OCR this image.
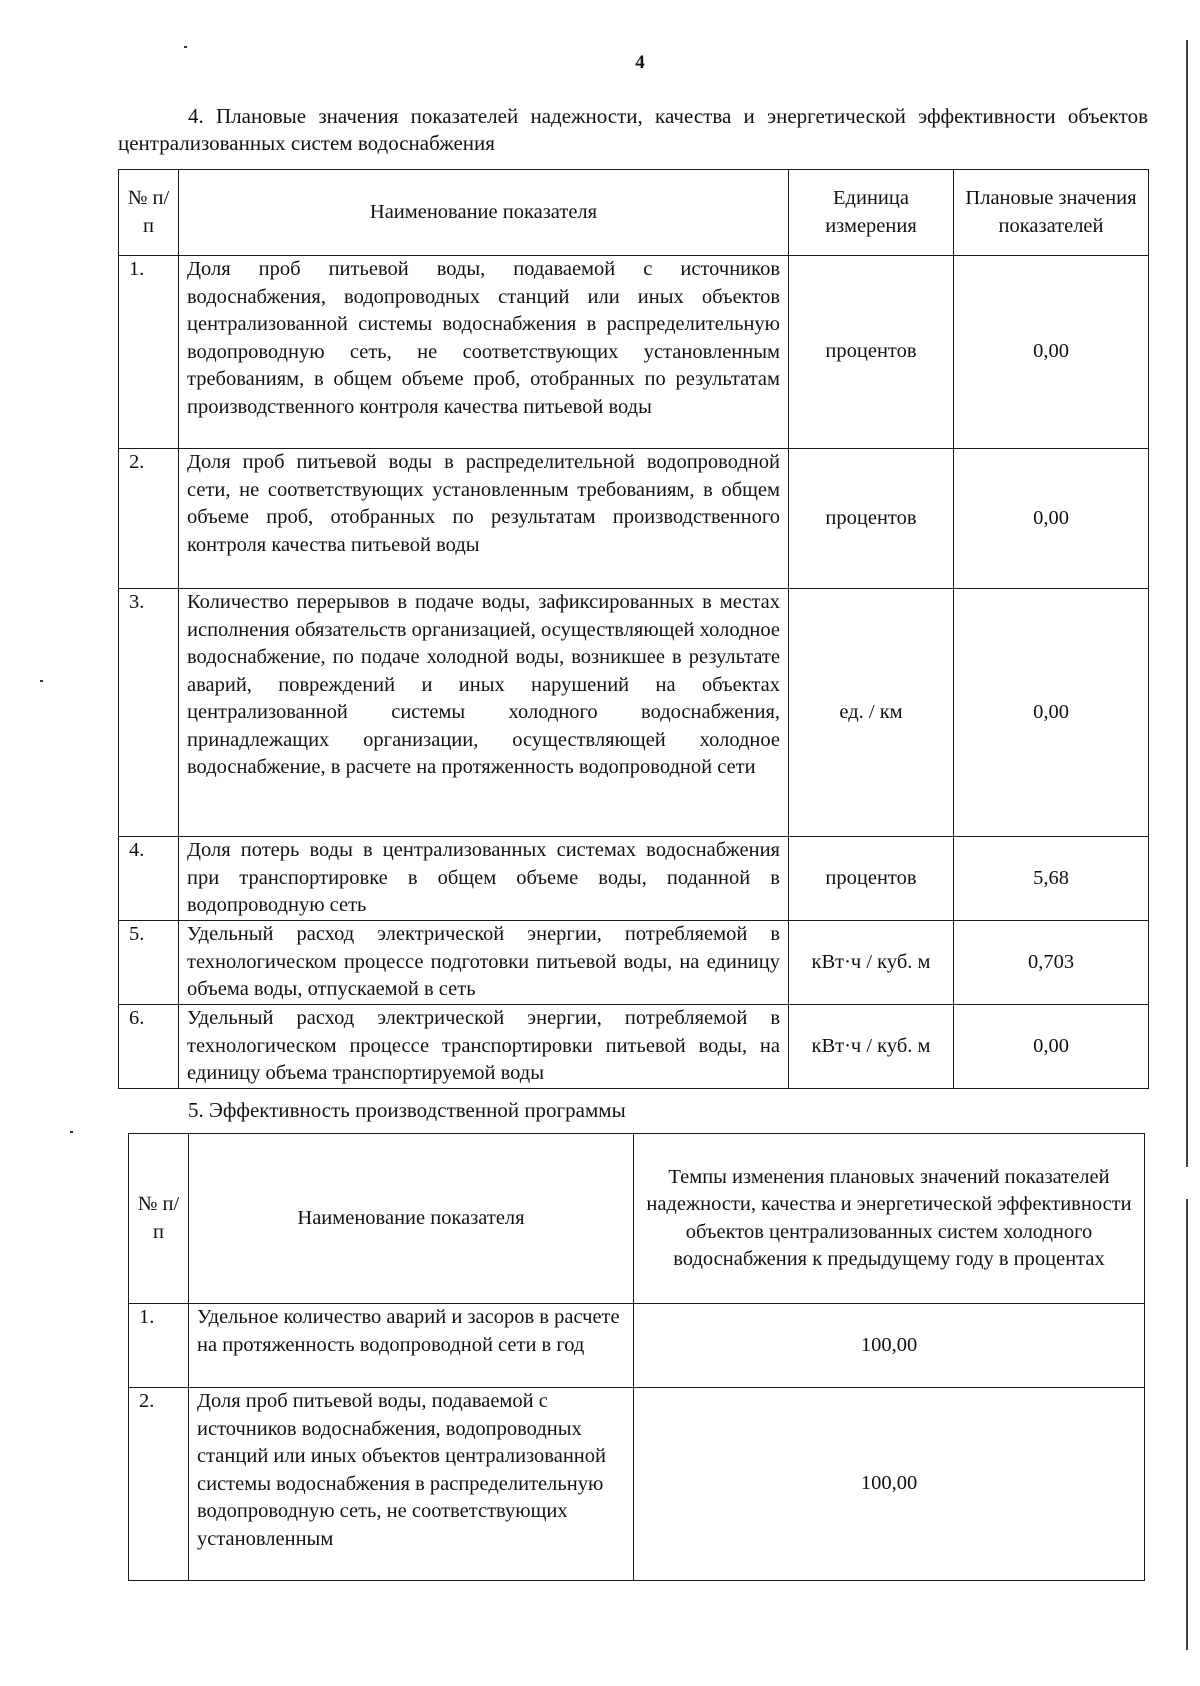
4
4. Плановые значения показателей надежности, качества и энергетической эффективности объектов централизованных систем водоснабжения
№ п/п	Наименование показателя	Единица измерения	Плановые значения показателей
1.	Доля проб питьевой воды, подаваемой с источников водоснабжения, водопроводных станций или иных объектов централизованной системы водоснабжения в распределительную водопроводную сеть, не соответствующих установленным требованиям, в общем объеме проб, отобранных по результатам производственного контроля качества питьевой воды	процентов	0,00
2.	Доля проб питьевой воды в распределительной водопроводной сети, не соответствующих установленным требованиям, в общем объеме проб, отобранных по результатам производственного контроля качества питьевой воды	процентов	0,00
3.	Количество перерывов в подаче воды, зафиксированных в местах исполнения обязательств организацией, осуществляющей холодное водоснабжение, по подаче холодной воды, возникшее в результате аварий, повреждений и иных нарушений на объектах централизованной системы холодного водоснабжения, принадлежащих организации, осуществляющей холодное водоснабжение, в расчете на протяженность водопроводной сети	ед. / км	0,00
4.	Доля потерь воды в централизованных системах водоснабжения при транспортировке в общем объеме воды, поданной в водопроводную сеть	процентов	5,68
5.	Удельный расход электрической энергии, потребляемой в технологическом процессе подготовки питьевой воды, на единицу объема воды, отпускаемой в сеть	кВт·ч / куб. м	0,703
6.	Удельный расход электрической энергии, потребляемой в технологическом процессе транспортировки питьевой воды, на единицу объема транспортируемой воды	кВт·ч / куб. м	0,00
5. Эффективность производственной программы
№ п/п	Наименование показателя	Темпы изменения плановых значений показателей надежности, качества и энергетической эффективности объектов централизованных систем холодного водоснабжения к предыдущему году в процентах
1.	Удельное количество аварий и засоров в расчете на протяженность водопроводной сети в год	100,00
2.	Доля проб питьевой воды, подаваемой с источников водоснабжения, водопроводных станций или иных объектов централизованной системы водоснабжения в распределительную водопроводную сеть, не соответствующих установленным	100,00
